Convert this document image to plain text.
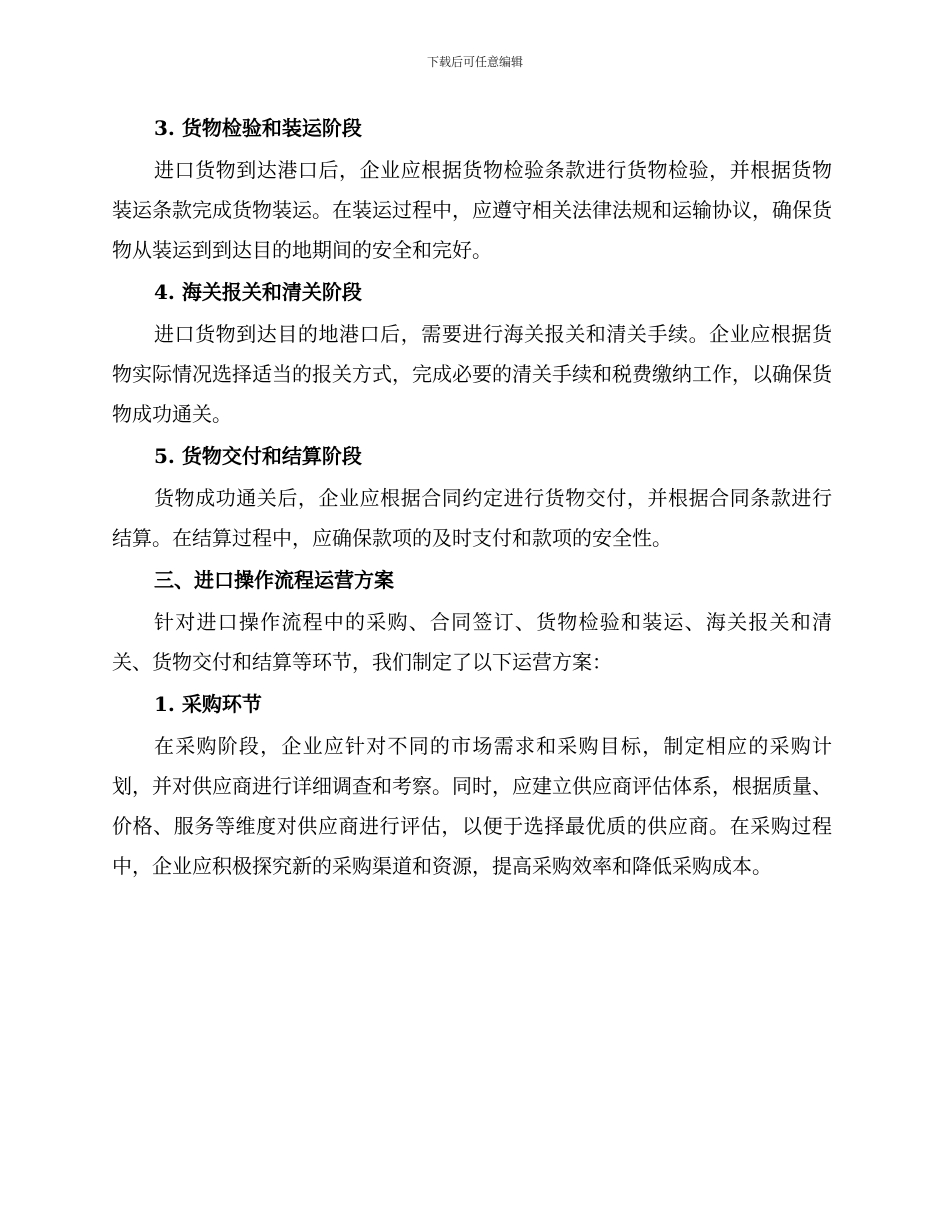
下载后可任意编辑
3. 货物检验和装运阶段
进口货物到达港口后，企业应根据货物检验条款进行货物检验，并根据货物装运条款完成货物装运。在装运过程中，应遵守相关法律法规和运输协议，确保货物从装运到到达目的地期间的安全和完好。
4. 海关报关和清关阶段
进口货物到达目的地港口后，需要进行海关报关和清关手续。企业应根据货物实际情况选择适当的报关方式，完成必要的清关手续和税费缴纳工作，以确保货物成功通关。
5. 货物交付和结算阶段
货物成功通关后，企业应根据合同约定进行货物交付，并根据合同条款进行结算。在结算过程中，应确保款项的及时支付和款项的安全性。
三、进口操作流程运营方案
针对进口操作流程中的采购、合同签订、货物检验和装运、海关报关和清关、货物交付和结算等环节，我们制定了以下运营方案：
1. 采购环节
在采购阶段，企业应针对不同的市场需求和采购目标，制定相应的采购计划，并对供应商进行详细调查和考察。同时，应建立供应商评估体系，根据质量、价格、服务等维度对供应商进行评估，以便于选择最优质的供应商。在采购过程中，企业应积极探究新的采购渠道和资源，提高采购效率和降低采购成本。
